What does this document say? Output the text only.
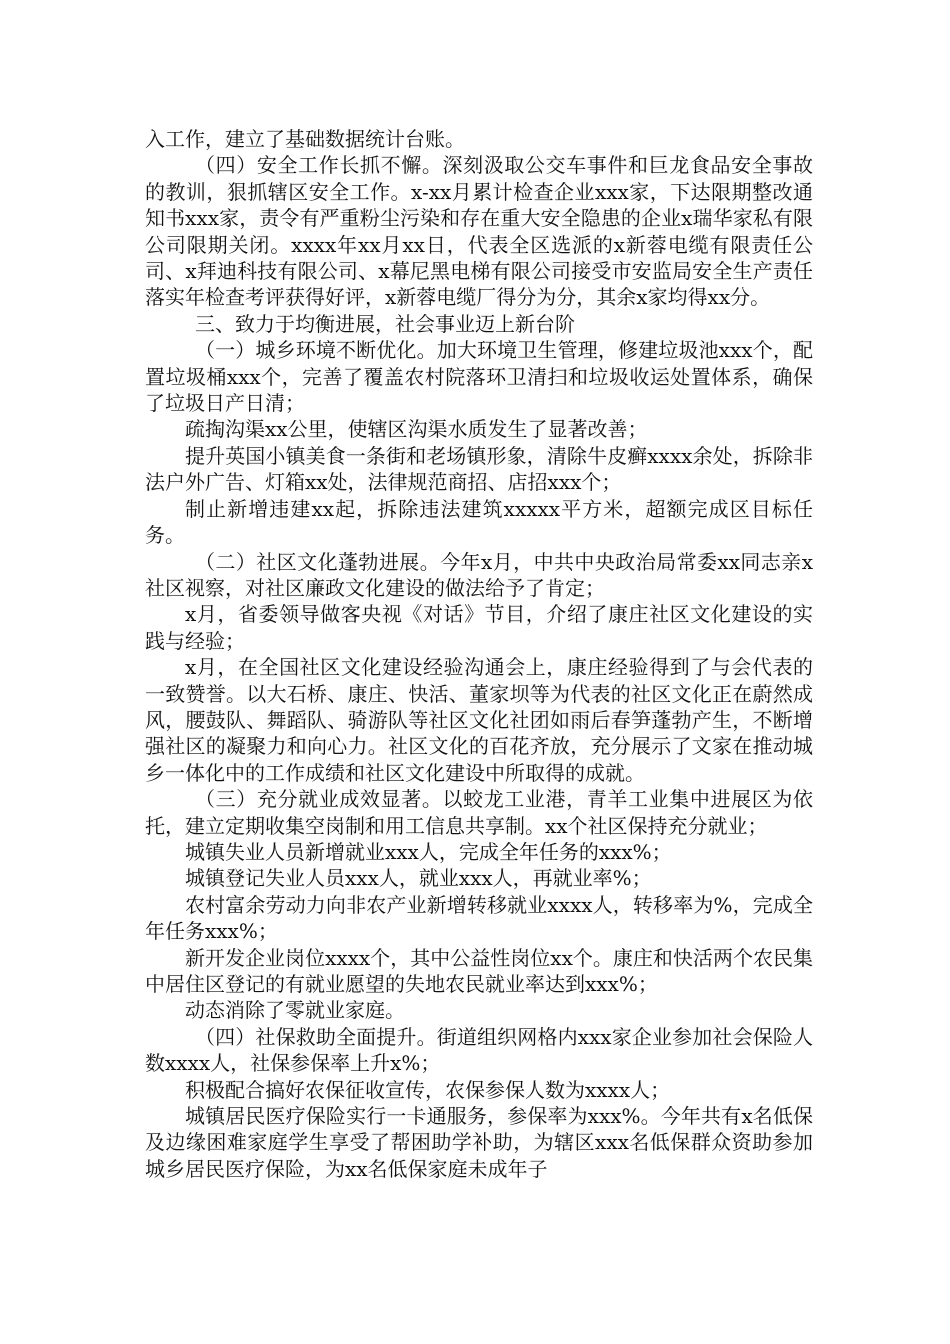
入工作，建立了基础数据统计台账。

（四）安全工作长抓不懈。深刻汲取公交车事件和巨龙食品安全事故的教训，狠抓辖区安全工作。x-xx月累计检查企业xxx家，下达限期整改通知书xxx家，责令有严重粉尘污染和存在重大安全隐患的企业x瑞华家私有限公司限期关闭。xxxx年xx月xx日，代表全区选派的x新蓉电缆有限责任公司、x拜迪科技有限公司、x幕尼黑电梯有限公司接受市安监局安全生产责任落实年检查考评获得好评，x新蓉电缆厂得分为分，其余x家均得xx分。

三、致力于均衡进展，社会事业迈上新台阶

（一）城乡环境不断优化。加大环境卫生管理，修建垃圾池xxx个，配置垃圾桶xxx个，完善了覆盖农村院落环卫清扫和垃圾收运处置体系，确保了垃圾日产日清；

疏掏沟渠xx公里，使辖区沟渠水质发生了显著改善；

提升英国小镇美食一条街和老场镇形象，清除牛皮癣xxxx余处，拆除非法户外广告、灯箱xx处，法律规范商招、店招xxx个；

制止新增违建xx起，拆除违法建筑xxxxx平方米，超额完成区目标任务。

（二）社区文化蓬勃进展。今年x月，中共中央政治局常委xx同志亲x社区视察，对社区廉政文化建设的做法给予了肯定；

x月，省委领导做客央视《对话》节目，介绍了康庄社区文化建设的实践与经验；

x月，在全国社区文化建设经验沟通会上，康庄经验得到了与会代表的一致赞誉。以大石桥、康庄、快活、董家坝等为代表的社区文化正在蔚然成风，腰鼓队、舞蹈队、骑游队等社区文化社团如雨后春笋蓬勃产生，不断增强社区的凝聚力和向心力。社区文化的百花齐放，充分展示了文家在推动城乡一体化中的工作成绩和社区文化建设中所取得的成就。

（三）充分就业成效显著。以蛟龙工业港，青羊工业集中进展区为依托，建立定期收集空岗制和用工信息共享制。xx个社区保持充分就业；

城镇失业人员新增就业xxx人，完成全年任务的xxx%；

城镇登记失业人员xxx人，就业xxx人，再就业率%；

农村富余劳动力向非农产业新增转移就业xxxx人，转移率为%，完成全年任务xxx%；

新开发企业岗位xxxx个，其中公益性岗位xx个。康庄和快活两个农民集中居住区登记的有就业愿望的失地农民就业率达到xxx%；

动态消除了零就业家庭。

（四）社保救助全面提升。街道组织网格内xxx家企业参加社会保险人数xxxx人，社保参保率上升x%；

积极配合搞好农保征收宣传，农保参保人数为xxxx人；

城镇居民医疗保险实行一卡通服务，参保率为xxx%。今年共有x名低保及边缘困难家庭学生享受了帮困助学补助，为辖区xxx名低保群众资助参加城乡居民医疗保险，为xx名低保家庭未成年子
